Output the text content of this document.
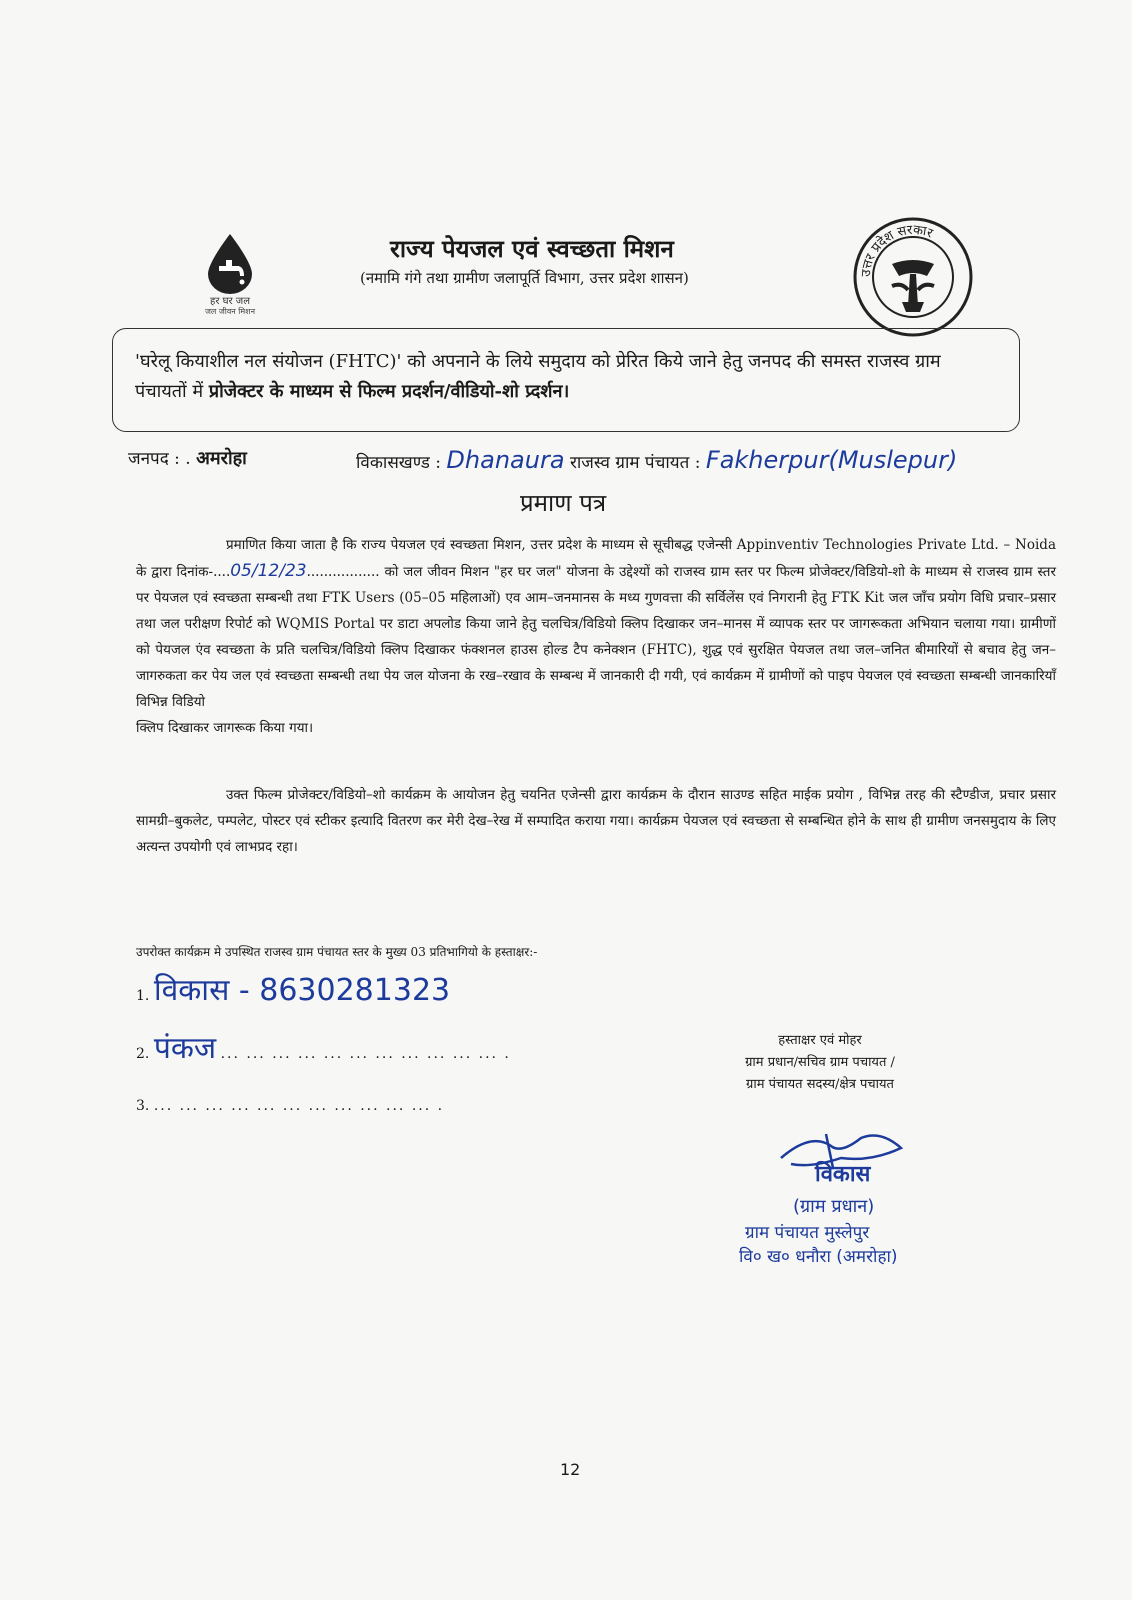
हर घर जल
जल जीवन मिशन
उत्तर प्रदेश सरकार
राज्य पेयजल एवं स्वच्छता मिशन
(नमामि गंगे तथा ग्रामीण जलापूर्ति विभाग, उत्तर प्रदेश शासन)
'घरेलू कियाशील नल संयोजन (FHTC)' को अपनाने के लिये समुदाय को प्रेरित किये जाने हेतु जनपद की समस्त राजस्व ग्राम पंचायतों में प्रोजेक्टर के माध्यम से फिल्म प्रदर्शन/वीडियो-शो प्र्दर्शन।
जनपद : . अमरोहा	विकासखण्ड : Dhanaura राजस्व ग्राम पंचायत : Fakherpur(Muslepur)
प्रमाण पत्र
प्रमाणित किया जाता है कि राज्य पेयजल एवं स्वच्छता मिशन, उत्तर प्रदेश के माध्यम से सूचीबद्ध एजेन्सी Appinventiv Technologies Private Ltd. – Noida के द्वारा दिनांक-....05/12/23................. को जल जीवन मिशन "हर घर जल" योजना के उद्देश्यों को राजस्व ग्राम स्तर पर फिल्म प्रोजेक्टर/विडियो-शो के माध्यम से राजस्व ग्राम स्तर पर पेयजल एवं स्वच्छता सम्बन्धी तथा FTK Users (05–05 महिलाओं) एव आम–जनमानस के मध्य गुणवत्ता की सर्विलेंस एवं निगरानी हेतु FTK Kit जल जाँच प्रयोग विधि प्रचार–प्रसार तथा जल परीक्षण रिपोर्ट को WQMIS Portal पर डाटा अपलोड किया जाने हेतु चलचित्र/विडियो क्लिप दिखाकर जन–मानस में व्यापक स्तर पर जागरूकता अभियान चलाया गया। ग्रामीणों को पेयजल एंव स्वच्छता के प्रति चलचित्र/विडियो क्लिप दिखाकर फंक्शनल हाउस होल्ड टैप कनेक्शन (FHTC), शुद्ध एवं सुरक्षित पेयजल तथा जल–जनित बीमारियों से बचाव हेतु जन–जागरुकता कर पेय जल एवं स्वच्छता सम्बन्धी तथा पेय जल योजना के रख–रखाव के सम्बन्ध में जानकारी दी गयी, एवं कार्यक्रम में ग्रामीणों को पाइप पेयजल एवं स्वच्छता सम्बन्धी जानकारियाँ विभिन्न विडियो
क्लिप दिखाकर जागरूक किया गया।
उक्त फिल्म प्रोजेक्टर/विडियो–शो कार्यक्रम के आयोजन हेतु चयनित एजेन्सी द्वारा कार्यक्रम के दौरान साउण्ड सहित माईक प्रयोग , विभिन्न तरह की स्टैण्डीज, प्रचार प्रसार सामग्री–बुकलेट, पम्पलेट, पोस्टर एवं स्टीकर इत्यादि वितरण कर मेरी देख–रेख में सम्पादित कराया गया। कार्यक्रम पेयजल एवं स्वच्छता से सम्बन्धित होने के साथ ही ग्रामीण जनसमुदाय के लिए अत्यन्त उपयोगी एवं लाभप्रद रहा।
उपरोक्त कार्यक्रम मे उपस्थित राजस्व ग्राम पंचायत स्तर के मुख्य 03 प्रतिभागियो के हस्ताक्षर:-
1. विकास - 8630281323
2. पंकज ... ... ... ... ... ... ... ... ... ... ... .
3. ... ... ... ... ... ... ... ... ... ... ... .
हस्ताक्षर एवं मोहर
ग्राम प्रधान/सचिव ग्राम पचायत /
ग्राम पंचायत सदस्य/क्षेत्र पचायत
विकास
(ग्राम प्रधान)
ग्राम पंचायत मुस्लेपुर
वि० ख० धनौरा (अमरोहा)
12
